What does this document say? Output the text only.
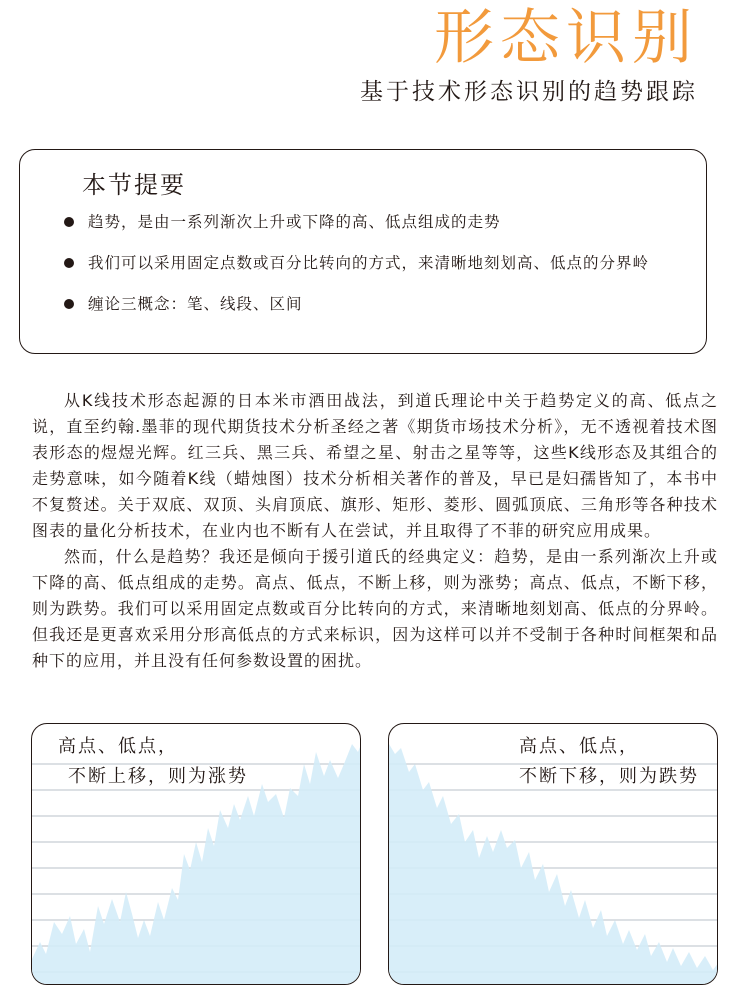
形态识别
基于技术形态识别的趋势跟踪
本节提要
趋势，是由一系列渐次上升或下降的高、低点组成的走势
我们可以采用固定点数或百分比转向的方式，来清晰地刻划高、低点的分界岭
缠论三概念：笔、线段、区间

从K线技术形态起源的日本米市酒田战法，到道氏理论中关于趋势定义的高、低点之说，直至约翰.墨菲的现代期货技术分析圣经之著《期货市场技术分析》，无不透视着技术图表形态的煜煜光辉。红三兵、黑三兵、希望之星、射击之星等等，这些K线形态及其组合的走势意味，如今随着K线（蜡烛图）技术分析相关著作的普及，早已是妇孺皆知了，本书中不复赘述。关于双底、双顶、头肩顶底、旗形、矩形、菱形、圆弧顶底、三角形等各种技术图表的量化分析技术，在业内也不断有人在尝试，并且取得了不菲的研究应用成果。

然而，什么是趋势？我还是倾向于援引道氏的经典定义：趋势，是由一系列渐次上升或下降的高、低点组成的走势。高点、低点，不断上移，则为涨势；高点、低点，不断下移，则为跌势。我们可以采用固定点数或百分比转向的方式，来清晰地刻划高、低点的分界岭。但我还是更喜欢采用分形高低点的方式来标识，因为这样可以并不受制于各种时间框架和品种下的应用，并且没有任何参数设置的困扰。

高点、低点，
不断上移，则为涨势
高点、低点，
不断下移，则为跌势
